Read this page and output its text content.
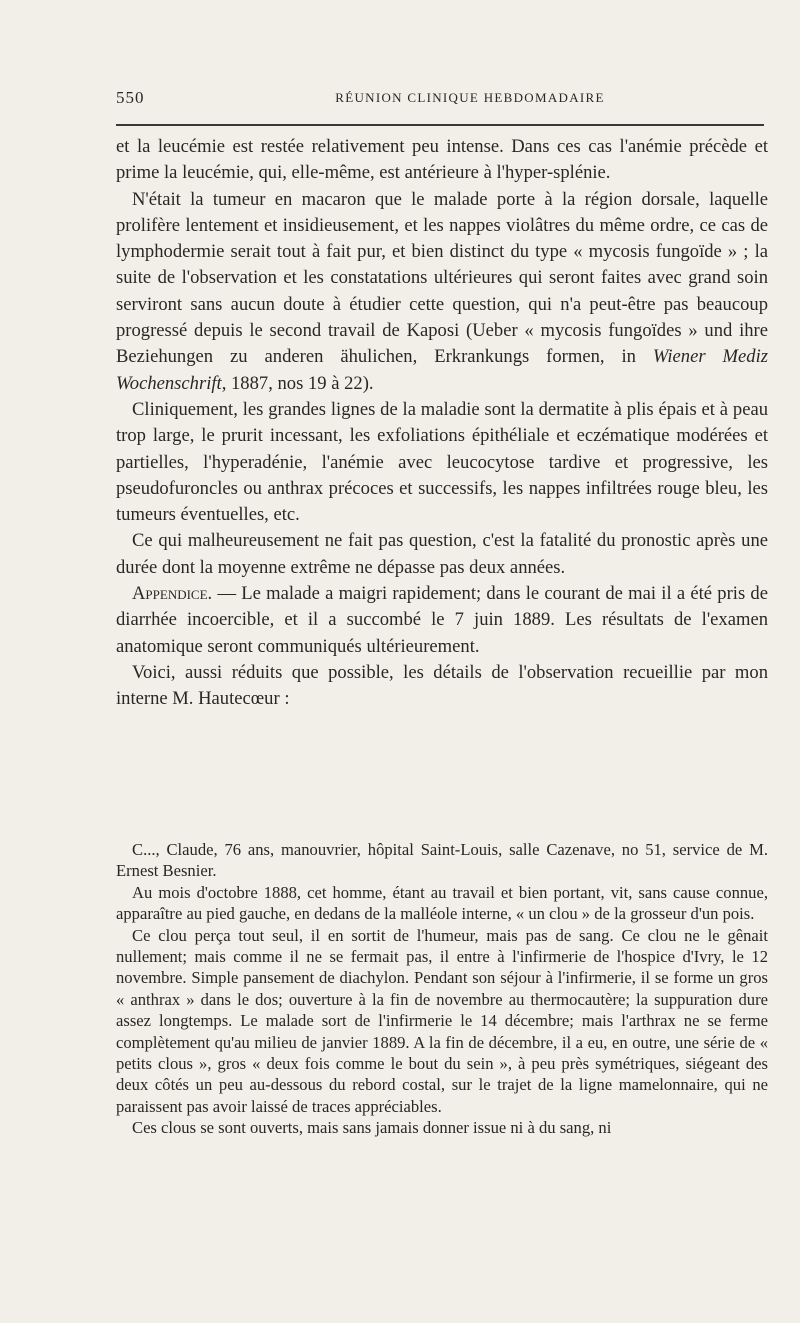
550	RÉUNION CLINIQUE HEBDOMADAIRE

et la leucémie est restée relativement peu intense. Dans ces cas l'anémie précède et prime la leucémie, qui, elle-même, est antérieure à l'hyper-splénie.

N'était la tumeur en macaron que le malade porte à la région dorsale, laquelle prolifère lentement et insidieusement, et les nappes violâtres du même ordre, ce cas de lymphodermie serait tout à fait pur, et bien distinct du type « mycosis fungoïde » ; la suite de l'observation et les constatations ultérieures qui seront faites avec grand soin serviront sans aucun doute à étudier cette question, qui n'a peut-être pas beaucoup progressé depuis le second travail de Kaposi (Ueber « mycosis fungoïdes » und ihre Beziehungen zu anderen ähulichen, Erkrankungs formen, in Wiener Mediz Wochenschrift, 1887, nos 19 à 22).

Cliniquement, les grandes lignes de la maladie sont la dermatite à plis épais et à peau trop large, le prurit incessant, les exfoliations épithéliale et eczématique modérées et partielles, l'hyperadénie, l'anémie avec leucocytose tardive et progressive, les pseudofuroncles ou anthrax précoces et successifs, les nappes infiltrées rouge bleu, les tumeurs éventuelles, etc.

Ce qui malheureusement ne fait pas question, c'est la fatalité du pronostic après une durée dont la moyenne extrême ne dépasse pas deux années.

Appendice. — Le malade a maigri rapidement; dans le courant de mai il a été pris de diarrhée incoercible, et il a succombé le 7 juin 1889. Les résultats de l'examen anatomique seront communiqués ultérieurement.

Voici, aussi réduits que possible, les détails de l'observation recueillie par mon interne M. Hautecœur :

C..., Claude, 76 ans, manouvrier, hôpital Saint-Louis, salle Cazenave, no 51, service de M. Ernest Besnier.

Au mois d'octobre 1888, cet homme, étant au travail et bien portant, vit, sans cause connue, apparaître au pied gauche, en dedans de la malléole interne, « un clou » de la grosseur d'un pois.

Ce clou perça tout seul, il en sortit de l'humeur, mais pas de sang. Ce clou ne le gênait nullement; mais comme il ne se fermait pas, il entre à l'infirmerie de l'hospice d'Ivry, le 12 novembre. Simple pansement de diachylon. Pendant son séjour à l'infirmerie, il se forme un gros « anthrax » dans le dos; ouverture à la fin de novembre au thermocautère; la suppuration dure assez longtemps. Le malade sort de l'infirmerie le 14 décembre; mais l'arthrax ne se ferme complètement qu'au milieu de janvier 1889. A la fin de décembre, il a eu, en outre, une série de « petits clous », gros « deux fois comme le bout du sein », à peu près symétriques, siégeant des deux côtés un peu au-dessous du rebord costal, sur le trajet de la ligne mamelonnaire, qui ne paraissent pas avoir laissé de traces appréciables.

Ces clous se sont ouverts, mais sans jamais donner issue ni à du sang, ni
